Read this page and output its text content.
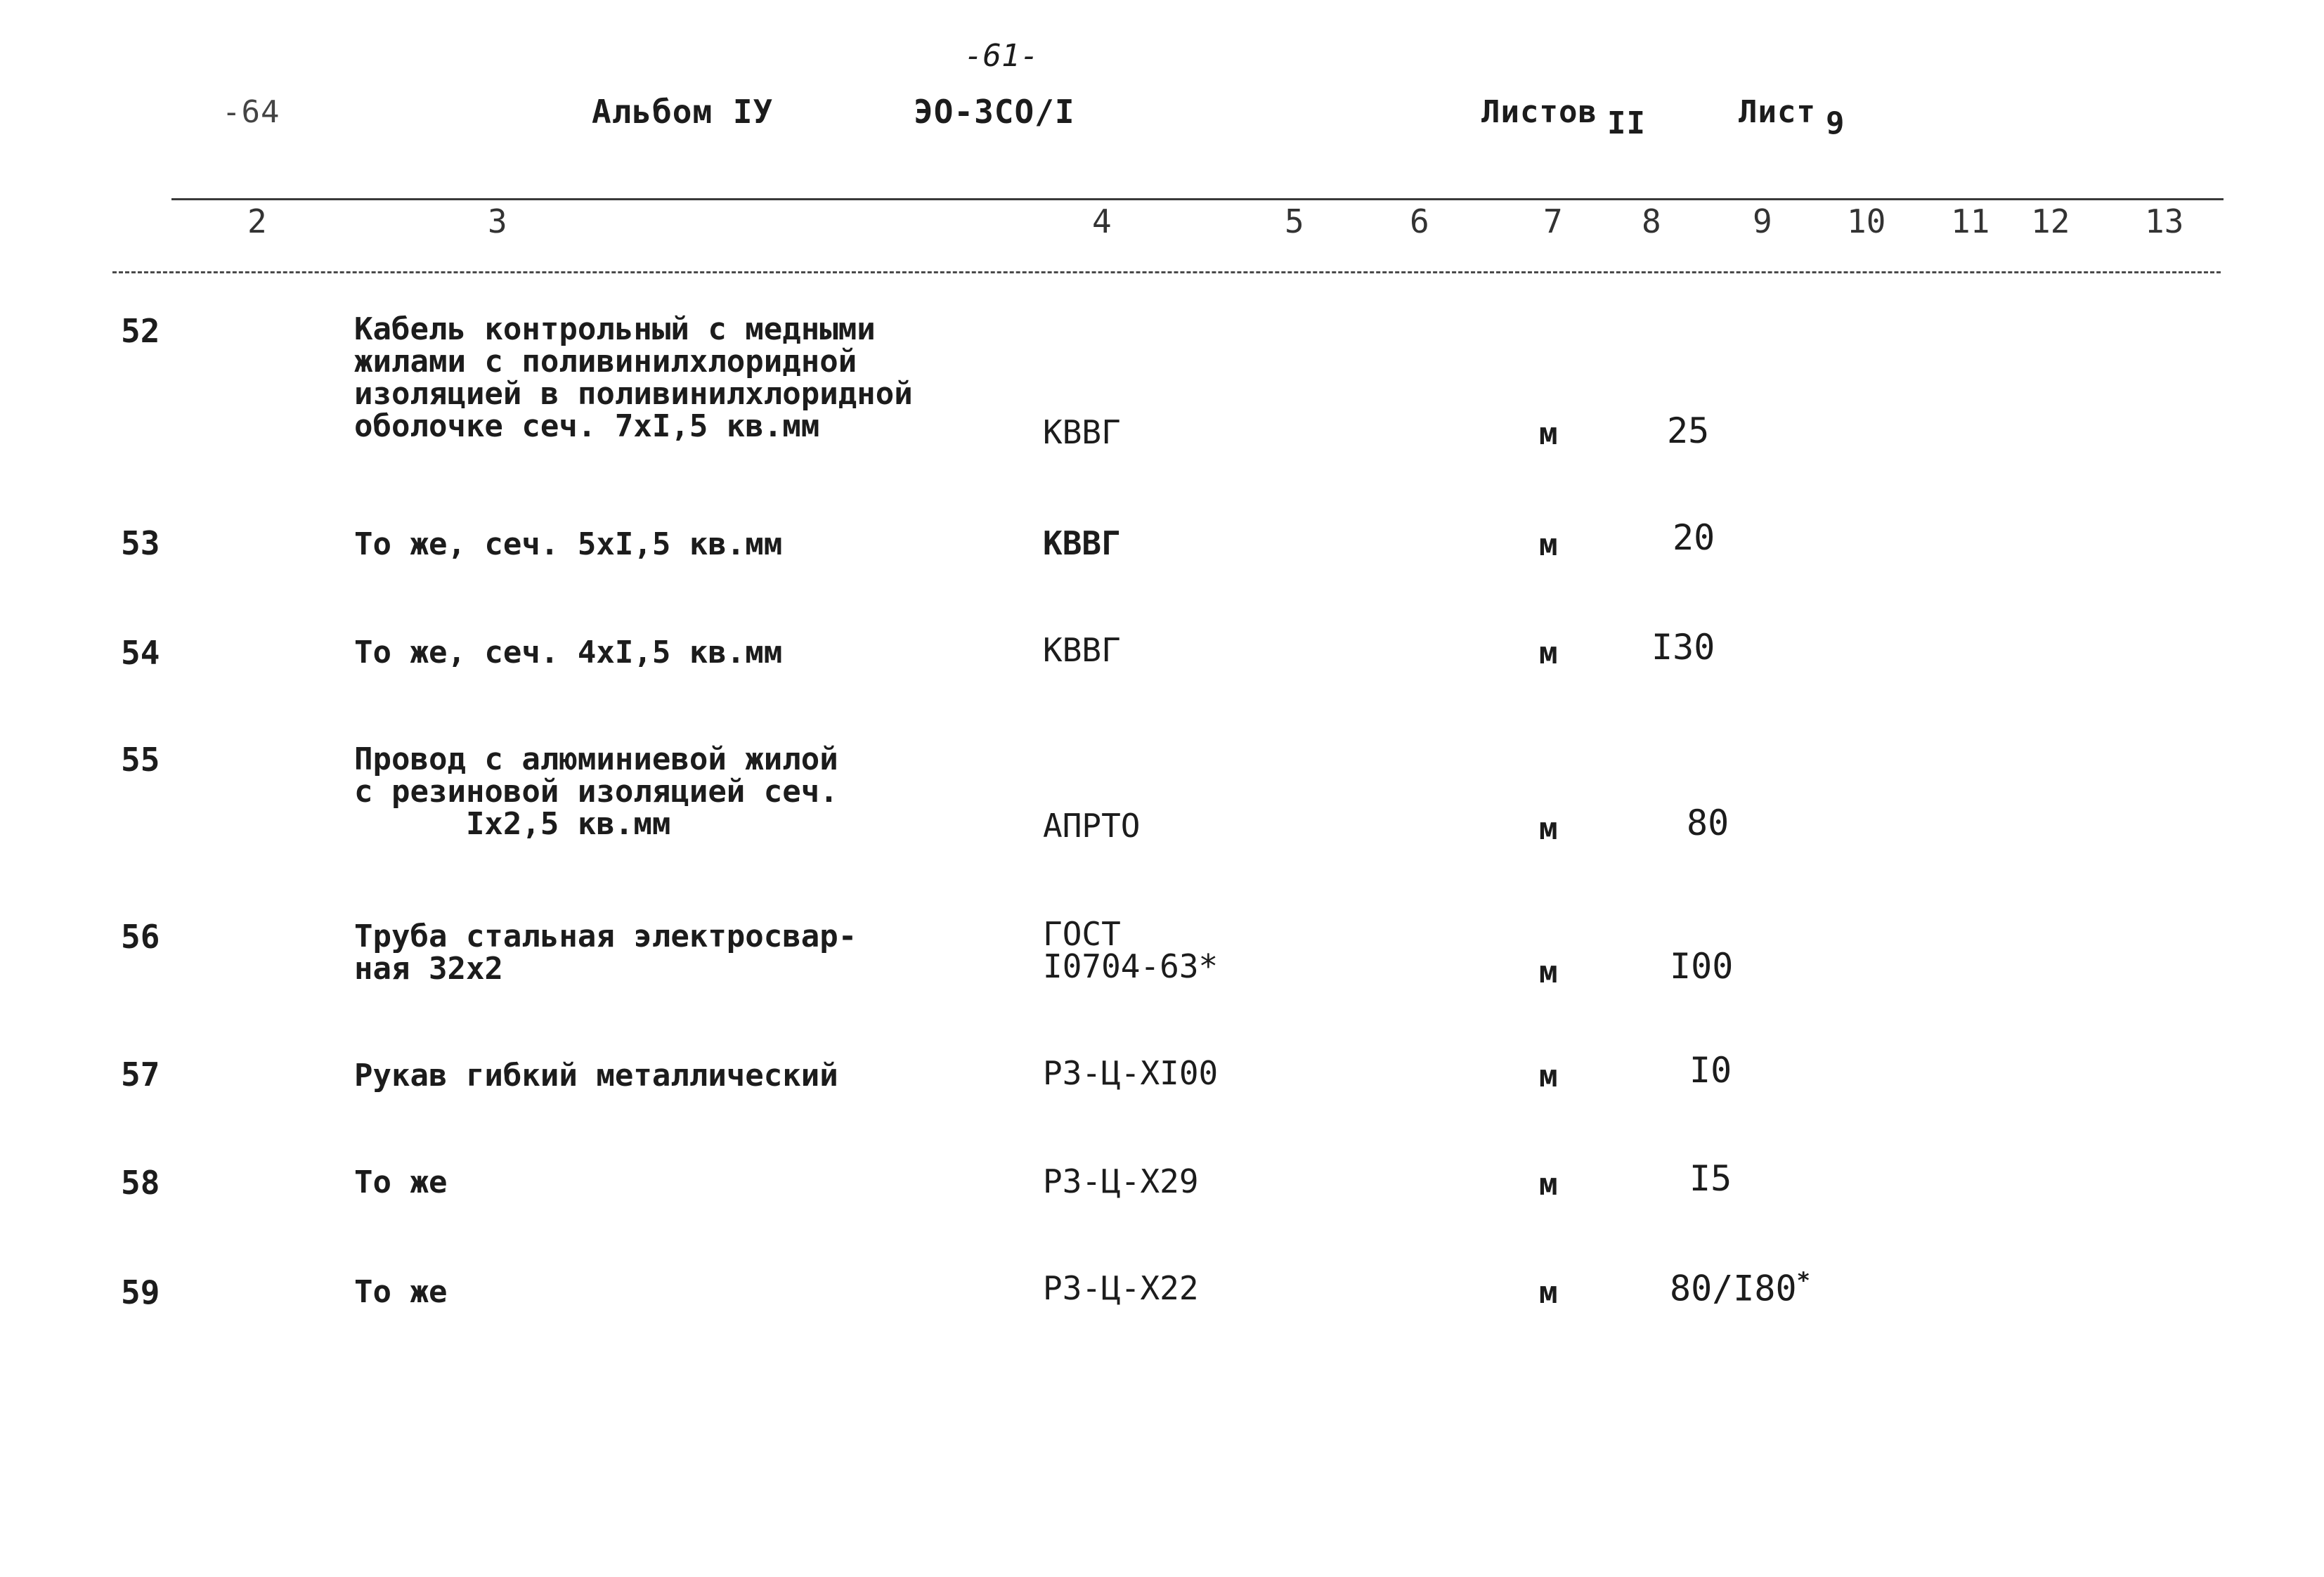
-61-
-64	Альбом IУ	ЭО-3СО/I	Листов II	Лист 9
2	3	4	5	6	7 8	9 10 11 12 13
52	Кабель контрольный с медными
жилами с поливинилхлоридной
изоляцией в поливинилхлоридной
оболочке сеч. 7xI,5 кв.мм	КВВГ	м	25
53	То же, сеч. 5xI,5 кв.мм	КВВГ	м	20
54	То же, сеч. 4xI,5 кв.мм	КВВГ	м	I30
55	Провод с алюминиевой жилой
с резиновой изоляцией сеч.
Ix2,5 кв.мм	АПРТО	м	80
56	Труба стальная электросвар-
ная 32x2
ГОСТ
I0704-63*	м	I00
57	Рукав гибкий металлический	Р3-Ц-XI00	м	I0
58	То же	Р3-Ц-X29	м	I5
59	То же	Р3-Ц-X22	м	80/I80*
